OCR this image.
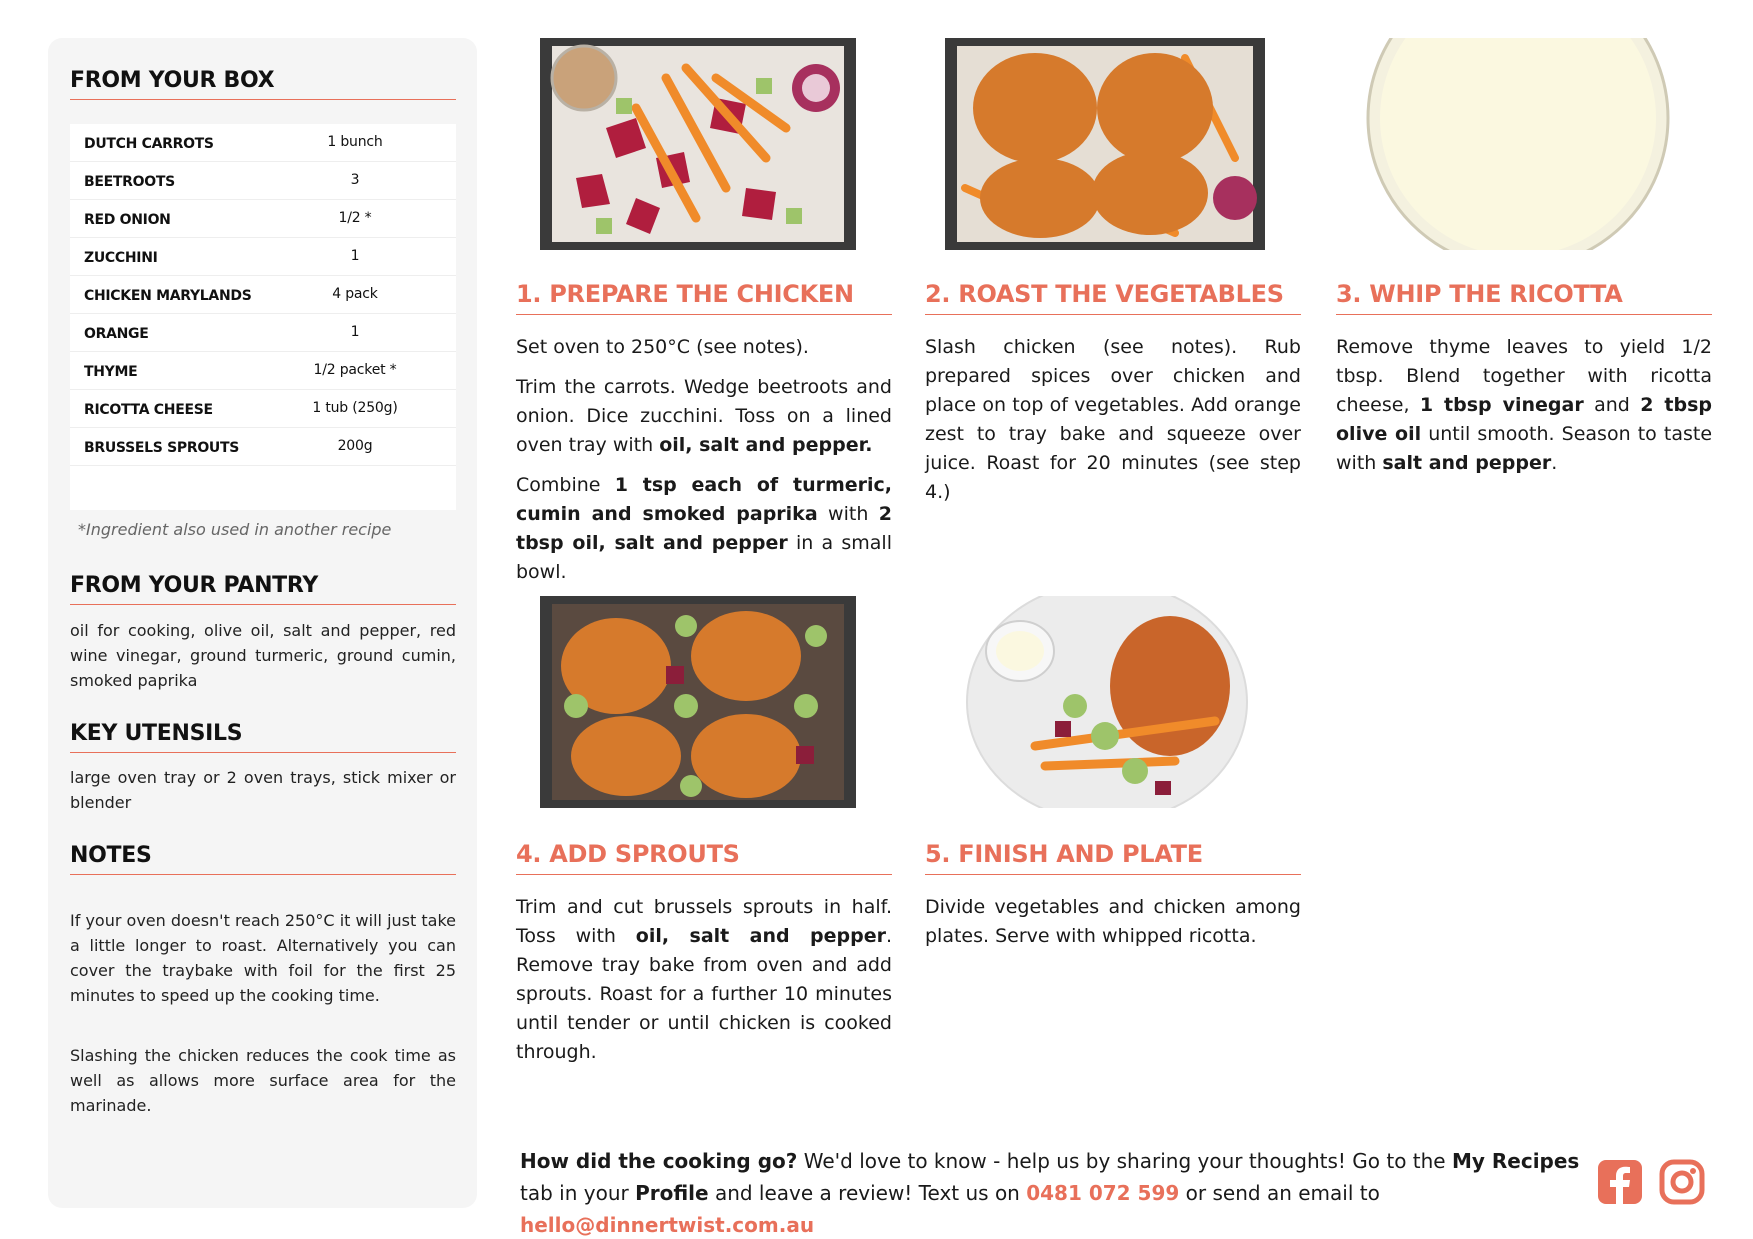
FROM YOUR BOX
DUTCH CARROTS	1 bunch
BEETROOTS	3
RED ONION	1/2 *
ZUCCHINI	1
CHICKEN MARYLANDS	4 pack
ORANGE	1
THYME	1/2 packet *
RICOTTA CHEESE	1 tub (250g)
BRUSSELS SPROUTS	200g
*Ingredient also used in another recipe
FROM YOUR PANTRY
oil for cooking, olive oil, salt and pepper, red wine vinegar, ground turmeric, ground cumin, smoked paprika
KEY UTENSILS
large oven tray or 2 oven trays, stick mixer or blender
NOTES
If your oven doesn't reach 250°C it will just take a little longer to roast. Alternatively you can cover the traybake with foil for the first 25 minutes to speed up the cooking time.
Slashing the chicken reduces the cook time as well as allows more surface area for the marinade.
1. PREPARE THE CHICKEN

Set oven to 250°C (see notes).

Trim the carrots. Wedge beetroots and onion. Dice zucchini. Toss on a lined oven tray with oil, salt and pepper.

Combine 1 tsp each of turmeric, cumin and smoked paprika with 2 tbsp oil, salt and pepper in a small bowl.

2. ROAST THE VEGETABLES

Slash chicken (see notes). Rub prepared spices over chicken and place on top of vegetables. Add orange zest to tray bake and squeeze over juice. Roast for 20 minutes (see step 4.)

3. WHIP THE RICOTTA

Remove thyme leaves to yield 1/2 tbsp. Blend together with ricotta cheese, 1 tbsp vinegar and 2 tbsp olive oil until smooth. Season to taste with salt and pepper.

4. ADD SPROUTS

Trim and cut brussels sprouts in half. Toss with oil, salt and pepper. Remove tray bake from oven and add sprouts. Roast for a further 10 minutes until tender or until chicken is cooked through.

5. FINISH AND PLATE

Divide vegetables and chicken among plates. Serve with whipped ricotta.

How did the cooking go? We'd love to know - help us by sharing your thoughts! Go to the My Recipes tab in your Profile and leave a review! Text us on 0481 072 599 or send an email to hello@dinnertwist.com.au
